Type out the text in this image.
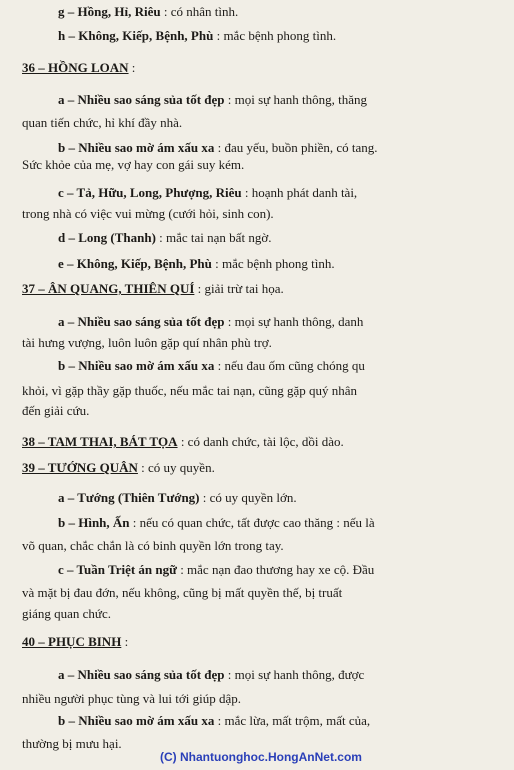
g – Hồng, Hỉ, Riêu : có nhân tình.
h – Không, Kiếp, Bệnh, Phù : mắc bệnh phong tình.
36 – HỒNG LOAN :
a – Nhiều sao sáng sủa tốt đẹp : mọi sự hanh thông, thăng
quan tiến chức, hỉ khí đầy nhà.
b – Nhiều sao mờ ám xấu xa : đau yếu, buồn phiền, có tang.
Sức khỏe của mẹ, vợ hay con gái suy kém.
c – Tả, Hữu, Long, Phượng, Riêu : hoạnh phát danh tài,
trong nhà có việc vui mừng (cưới hỏi, sinh con).
d – Long (Thanh) : mắc tai nạn bất ngờ.
e – Không, Kiếp, Bệnh, Phù : mắc bệnh phong tình.
37 – ÂN QUANG, THIÊN QUÍ : giải trừ tai họa.
a – Nhiều sao sáng sủa tốt đẹp : mọi sự hanh thông, danh
tài hưng vượng, luôn luôn gặp quí nhân phù trợ.
b – Nhiều sao mờ ám xấu xa : nếu đau ốm cũng chóng qu
khỏi, vì gặp thầy gặp thuốc, nếu mắc tai nạn, cũng gặp quý nhân
đến giải cứu.
38 – TAM THAI, BÁT TỌA : có danh chức, tài lộc, dồi dào.
39 – TƯỚNG QUÂN : có uy quyền.
a – Tướng (Thiên Tướng) : có uy quyền lớn.
b – Hình, Ấn : nếu có quan chức, tất được cao thăng : nếu là
võ quan, chắc chắn là có binh quyền lớn trong tay.
c – Tuần Triệt án ngữ : mắc nạn đao thương hay xe cộ. Đầu
và mặt bị đau đớn, nếu không, cũng bị mất quyền thế, bị truất
giáng quan chức.
40 – PHỤC BINH :
a – Nhiều sao sáng sủa tốt đẹp : mọi sự hanh thông, được
nhiều người phục tùng và lui tới giúp dập.
b – Nhiều sao mờ ám xấu xa : mắc lừa, mất trộm, mất của,
thường bị mưu hại.
(C) Nhantuonghoc.HongAnNet.com
